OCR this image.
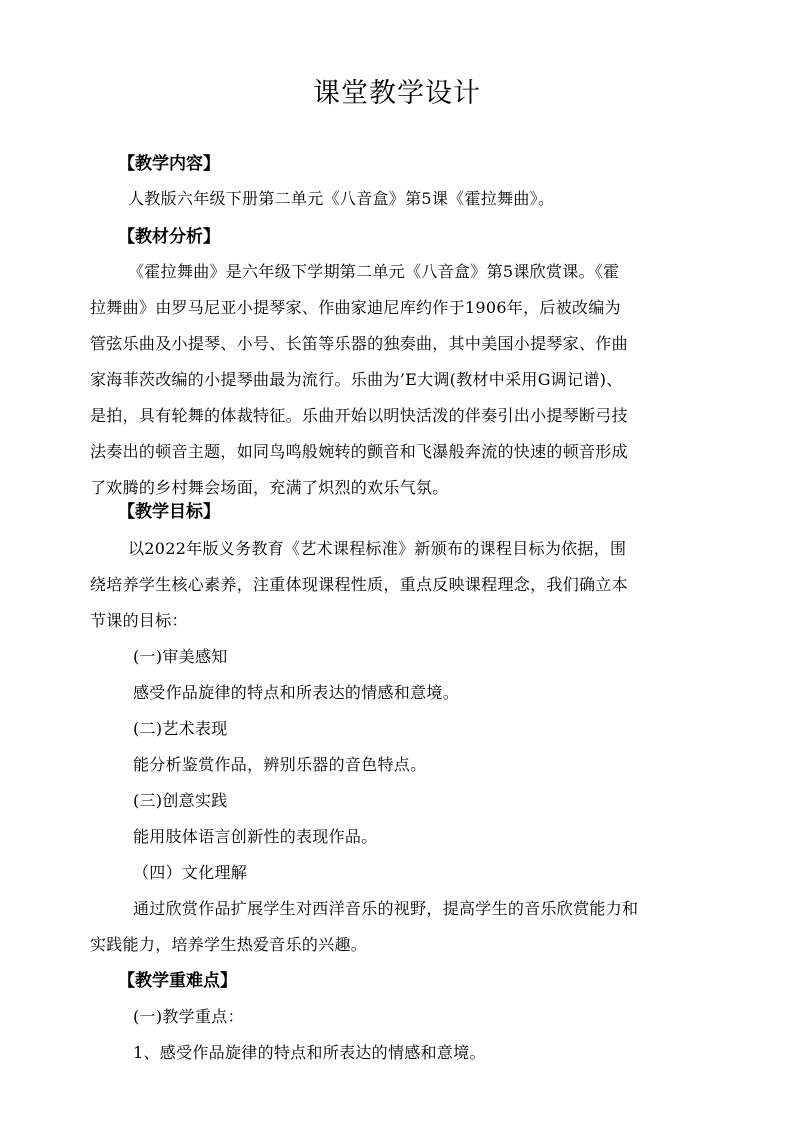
课堂教学设计
【教学内容】
人教版六年级下册第二单元《八音盒》第5课《霍拉舞曲》。
【教材分析】
《霍拉舞曲》是六年级下学期第二单元《八音盒》第5课欣赏课。《霍
拉舞曲》由罗马尼亚小提琴家、作曲家迪尼库约作于1906年，后被改编为
管弦乐曲及小提琴、小号、长笛等乐器的独奏曲，其中美国小提琴家、作曲
家海菲茨改编的小提琴曲最为流行。乐曲为’E大调(教材中采用G调记谱)、
是拍，具有轮舞的体裁特征。乐曲开始以明快活泼的伴奏引出小提琴断弓技
法奏出的顿音主题，如同鸟鸣般婉转的颤音和飞瀑般奔流的快速的顿音形成
了欢腾的乡村舞会场面，充满了炽烈的欢乐气氛。
【教学目标】
以2022年版义务教育《艺术课程标准》新颁布的课程目标为依据，围
绕培养学生核心素养，注重体现课程性质，重点反映课程理念，我们确立本
节课的目标：
(一)审美感知
感受作品旋律的特点和所表达的情感和意境。
(二)艺术表现
能分析鉴赏作品，辨别乐器的音色特点。
(三)创意实践
能用肢体语言创新性的表现作品。
（四）文化理解
通过欣赏作品扩展学生对西洋音乐的视野，提高学生的音乐欣赏能力和
实践能力，培养学生热爱音乐的兴趣。
【教学重难点】
(一)教学重点：
1、感受作品旋律的特点和所表达的情感和意境。
